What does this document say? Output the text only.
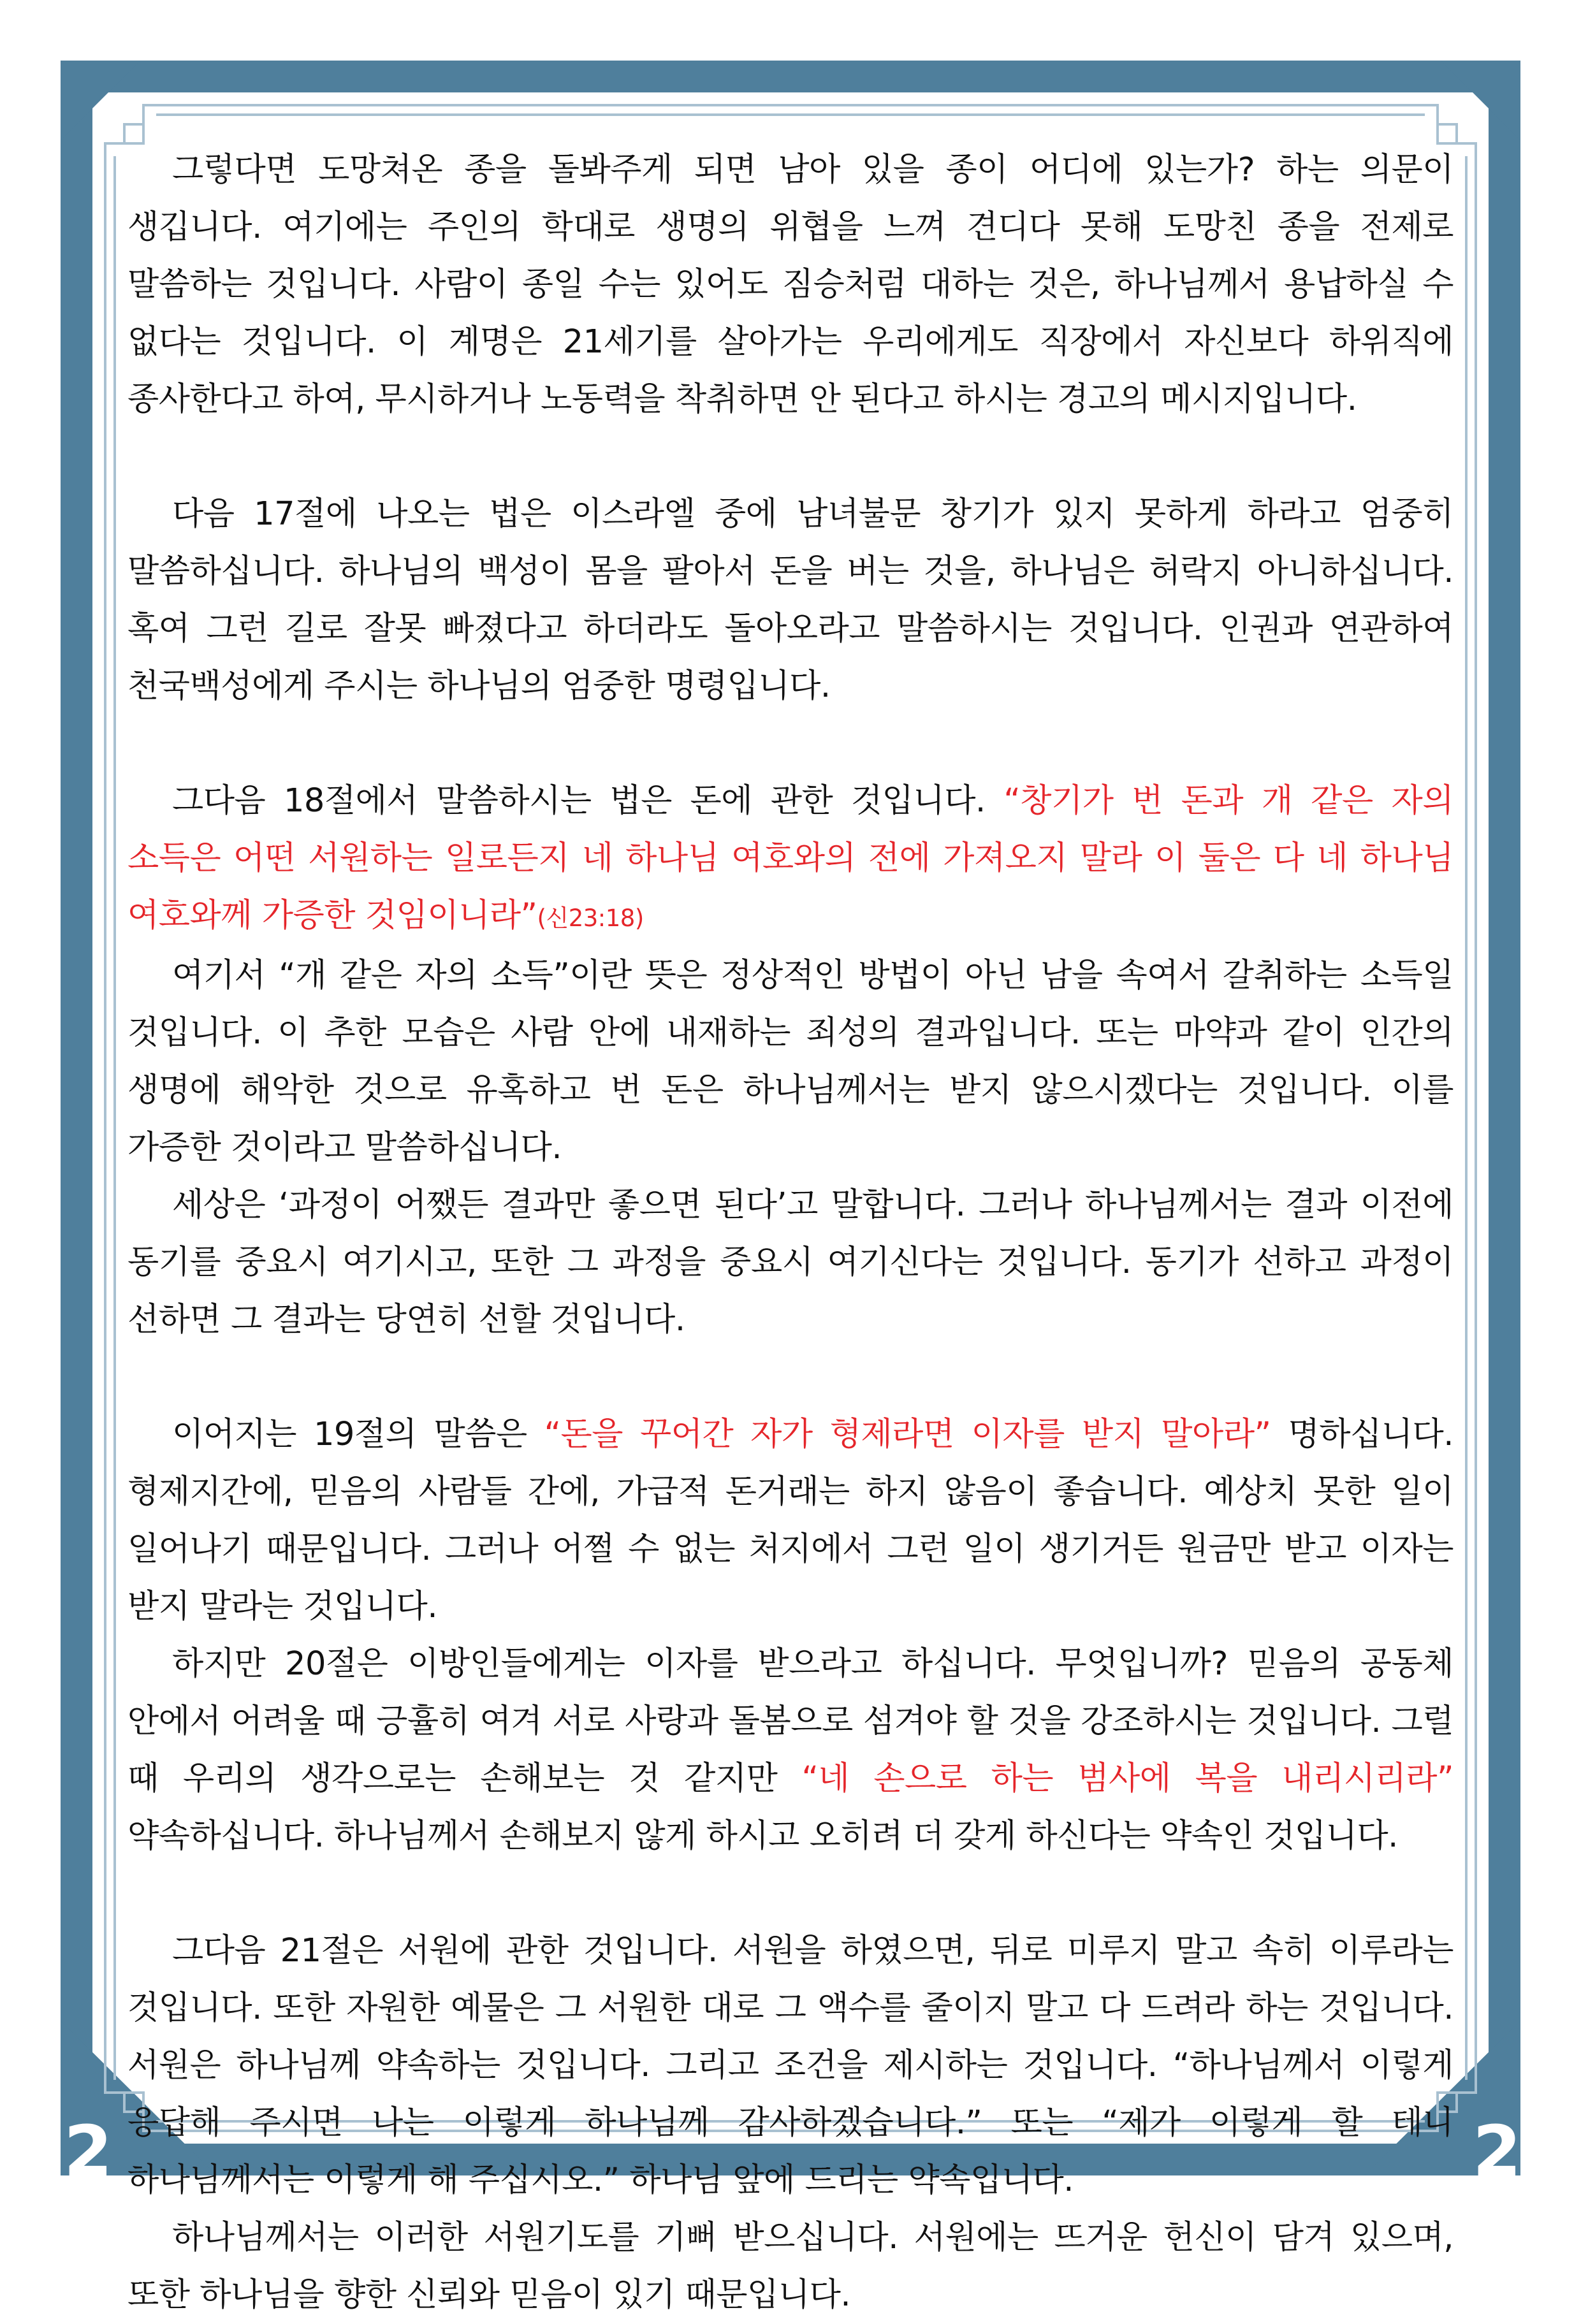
그렇다면 도망쳐온 종을 돌봐주게 되면 남아 있을 종이 어디에 있는가? 하는 의문이 생깁니다. 여기에는 주인의 학대로 생명의 위협을 느껴 견디다 못해 도망친 종을 전제로 말씀하는 것입니다. 사람이 종일 수는 있어도 짐승처럼 대하는 것은, 하나님께서 용납하실 수 없다는 것입니다. 이 계명은 21세기를 살아가는 우리에게도 직장에서 자신보다 하위직에 종사한다고 하여, 무시하거나 노동력을 착취하면 안 된다고 하시는 경고의 메시지입니다.

다음 17절에 나오는 법은 이스라엘 중에 남녀불문 창기가 있지 못하게 하라고 엄중히 말씀하십니다. 하나님의 백성이 몸을 팔아서 돈을 버는 것을, 하나님은 허락지 아니하십니다. 혹여 그런 길로 잘못 빠졌다고 하더라도 돌아오라고 말씀하시는 것입니다. 인권과 연관하여 천국백성에게 주시는 하나님의 엄중한 명령입니다.

그다음 18절에서 말씀하시는 법은 돈에 관한 것입니다. “창기가 번 돈과 개 같은 자의 소득은 어떤 서원하는 일로든지 네 하나님 여호와의 전에 가져오지 말라 이 둘은 다 네 하나님 여호와께 가증한 것임이니라”(신23:18)

여기서 “개 같은 자의 소득”이란 뜻은 정상적인 방법이 아닌 남을 속여서 갈취하는 소득일 것입니다. 이 추한 모습은 사람 안에 내재하는 죄성의 결과입니다. 또는 마약과 같이 인간의 생명에 해악한 것으로 유혹하고 번 돈은 하나님께서는 받지 않으시겠다는 것입니다. 이를 가증한 것이라고 말씀하십니다.

세상은 ‘과정이 어쨌든 결과만 좋으면 된다’고 말합니다. 그러나 하나님께서는 결과 이전에 동기를 중요시 여기시고, 또한 그 과정을 중요시 여기신다는 것입니다. 동기가 선하고 과정이 선하면 그 결과는 당연히 선할 것입니다.

이어지는 19절의 말씀은 “돈을 꾸어간 자가 형제라면 이자를 받지 말아라” 명하십니다. 형제지간에, 믿음의 사람들 간에, 가급적 돈거래는 하지 않음이 좋습니다. 예상치 못한 일이 일어나기 때문입니다. 그러나 어쩔 수 없는 처지에서 그런 일이 생기거든 원금만 받고 이자는 받지 말라는 것입니다.

하지만 20절은 이방인들에게는 이자를 받으라고 하십니다. 무엇입니까? 믿음의 공동체 안에서 어려울 때 긍휼히 여겨 서로 사랑과 돌봄으로 섬겨야 할 것을 강조하시는 것입니다. 그럴 때 우리의 생각으로는 손해보는 것 같지만 “네 손으로 하는 범사에 복을 내리시리라” 약속하십니다. 하나님께서 손해보지 않게 하시고 오히려 더 갖게 하신다는 약속인 것입니다.

그다음 21절은 서원에 관한 것입니다. 서원을 하였으면, 뒤로 미루지 말고 속히 이루라는 것입니다. 또한 자원한 예물은 그 서원한 대로 그 액수를 줄이지 말고 다 드려라 하는 것입니다. 서원은 하나님께 약속하는 것입니다. 그리고 조건을 제시하는 것입니다. “하나님께서 이렇게 응답해 주시면 나는 이렇게 하나님께 감사하겠습니다.” 또는 “제가 이렇게 할 테니 하나님께서는 이렇게 해 주십시오.” 하나님 앞에 드리는 약속입니다.

하나님께서는 이러한 서원기도를 기뻐 받으십니다. 서원에는 뜨거운 헌신이 담겨 있으며, 또한 하나님을 향한 신뢰와 믿음이 있기 때문입니다.

2	2
